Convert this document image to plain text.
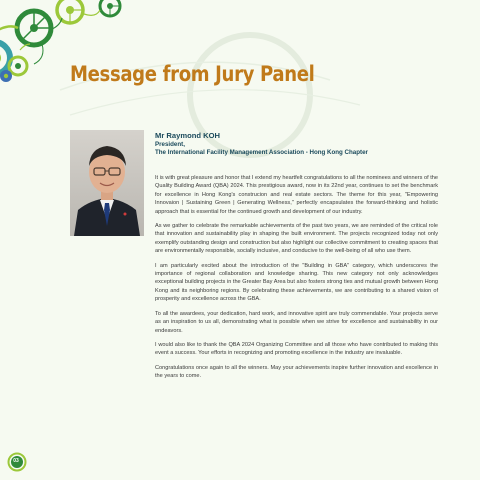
Message from Jury Panel
Mr Raymond KOH
President,
The International Facility Management Association - Hong Kong Chapter

It is with great pleasure and honor that I extend my heartfelt congratulations to all the nominees and winners of the Quality Building Award (QBA) 2024. This prestigious award, now in its 22nd year, continues to set the benchmark for excellence in Hong Kong's construcion and real estate sectors. The theme for this year, "Empowering Innovaion | Sustaining Green | Generating Wellness," perfectly encapsulates the forward-thinking and holistic approach that is essential for the continued growth and development of our industry.

As we gather to celebrate the remarkable achievements of the past two years, we are reminded of the critical role that innovation and sustainability play in shaping the built environment. The projects recognized today not only exemplify outstanding design and construction but also highlight our collective commitment to creating spaces that are environmentally responsible, socially inclusive, and conducive to the well-being of all who use them.

I am particularly excited about the introduction of the "Building in GBA" category, which underscores the importance of regional collaboration and knowledge sharing. This new category not only acknowledges exceptional building projects in the Greater Bay Area but also fosters strong ties and mutual growth between Hong Kong and its neighboring regions. By celebrating these achievements, we are contributing to a shared vision of prosperity and excellence across the GBA.

To all the awardees, your dedication, hard work, and innovative spirit are truly commendable. Your projects serve as an inspiration to us all, demonstrating what is possible when we strive for excellence and sustainability in our endeavors.

I would also like to thank the QBA 2024 Organizing Committee and all those who have contributed to making this event a success. Your efforts in recognizing and promoting excellence in the industry are invaluable.

Congratulations once again to all the winners. May your achievements inspire further innovation and excellence in the years to come.

03
